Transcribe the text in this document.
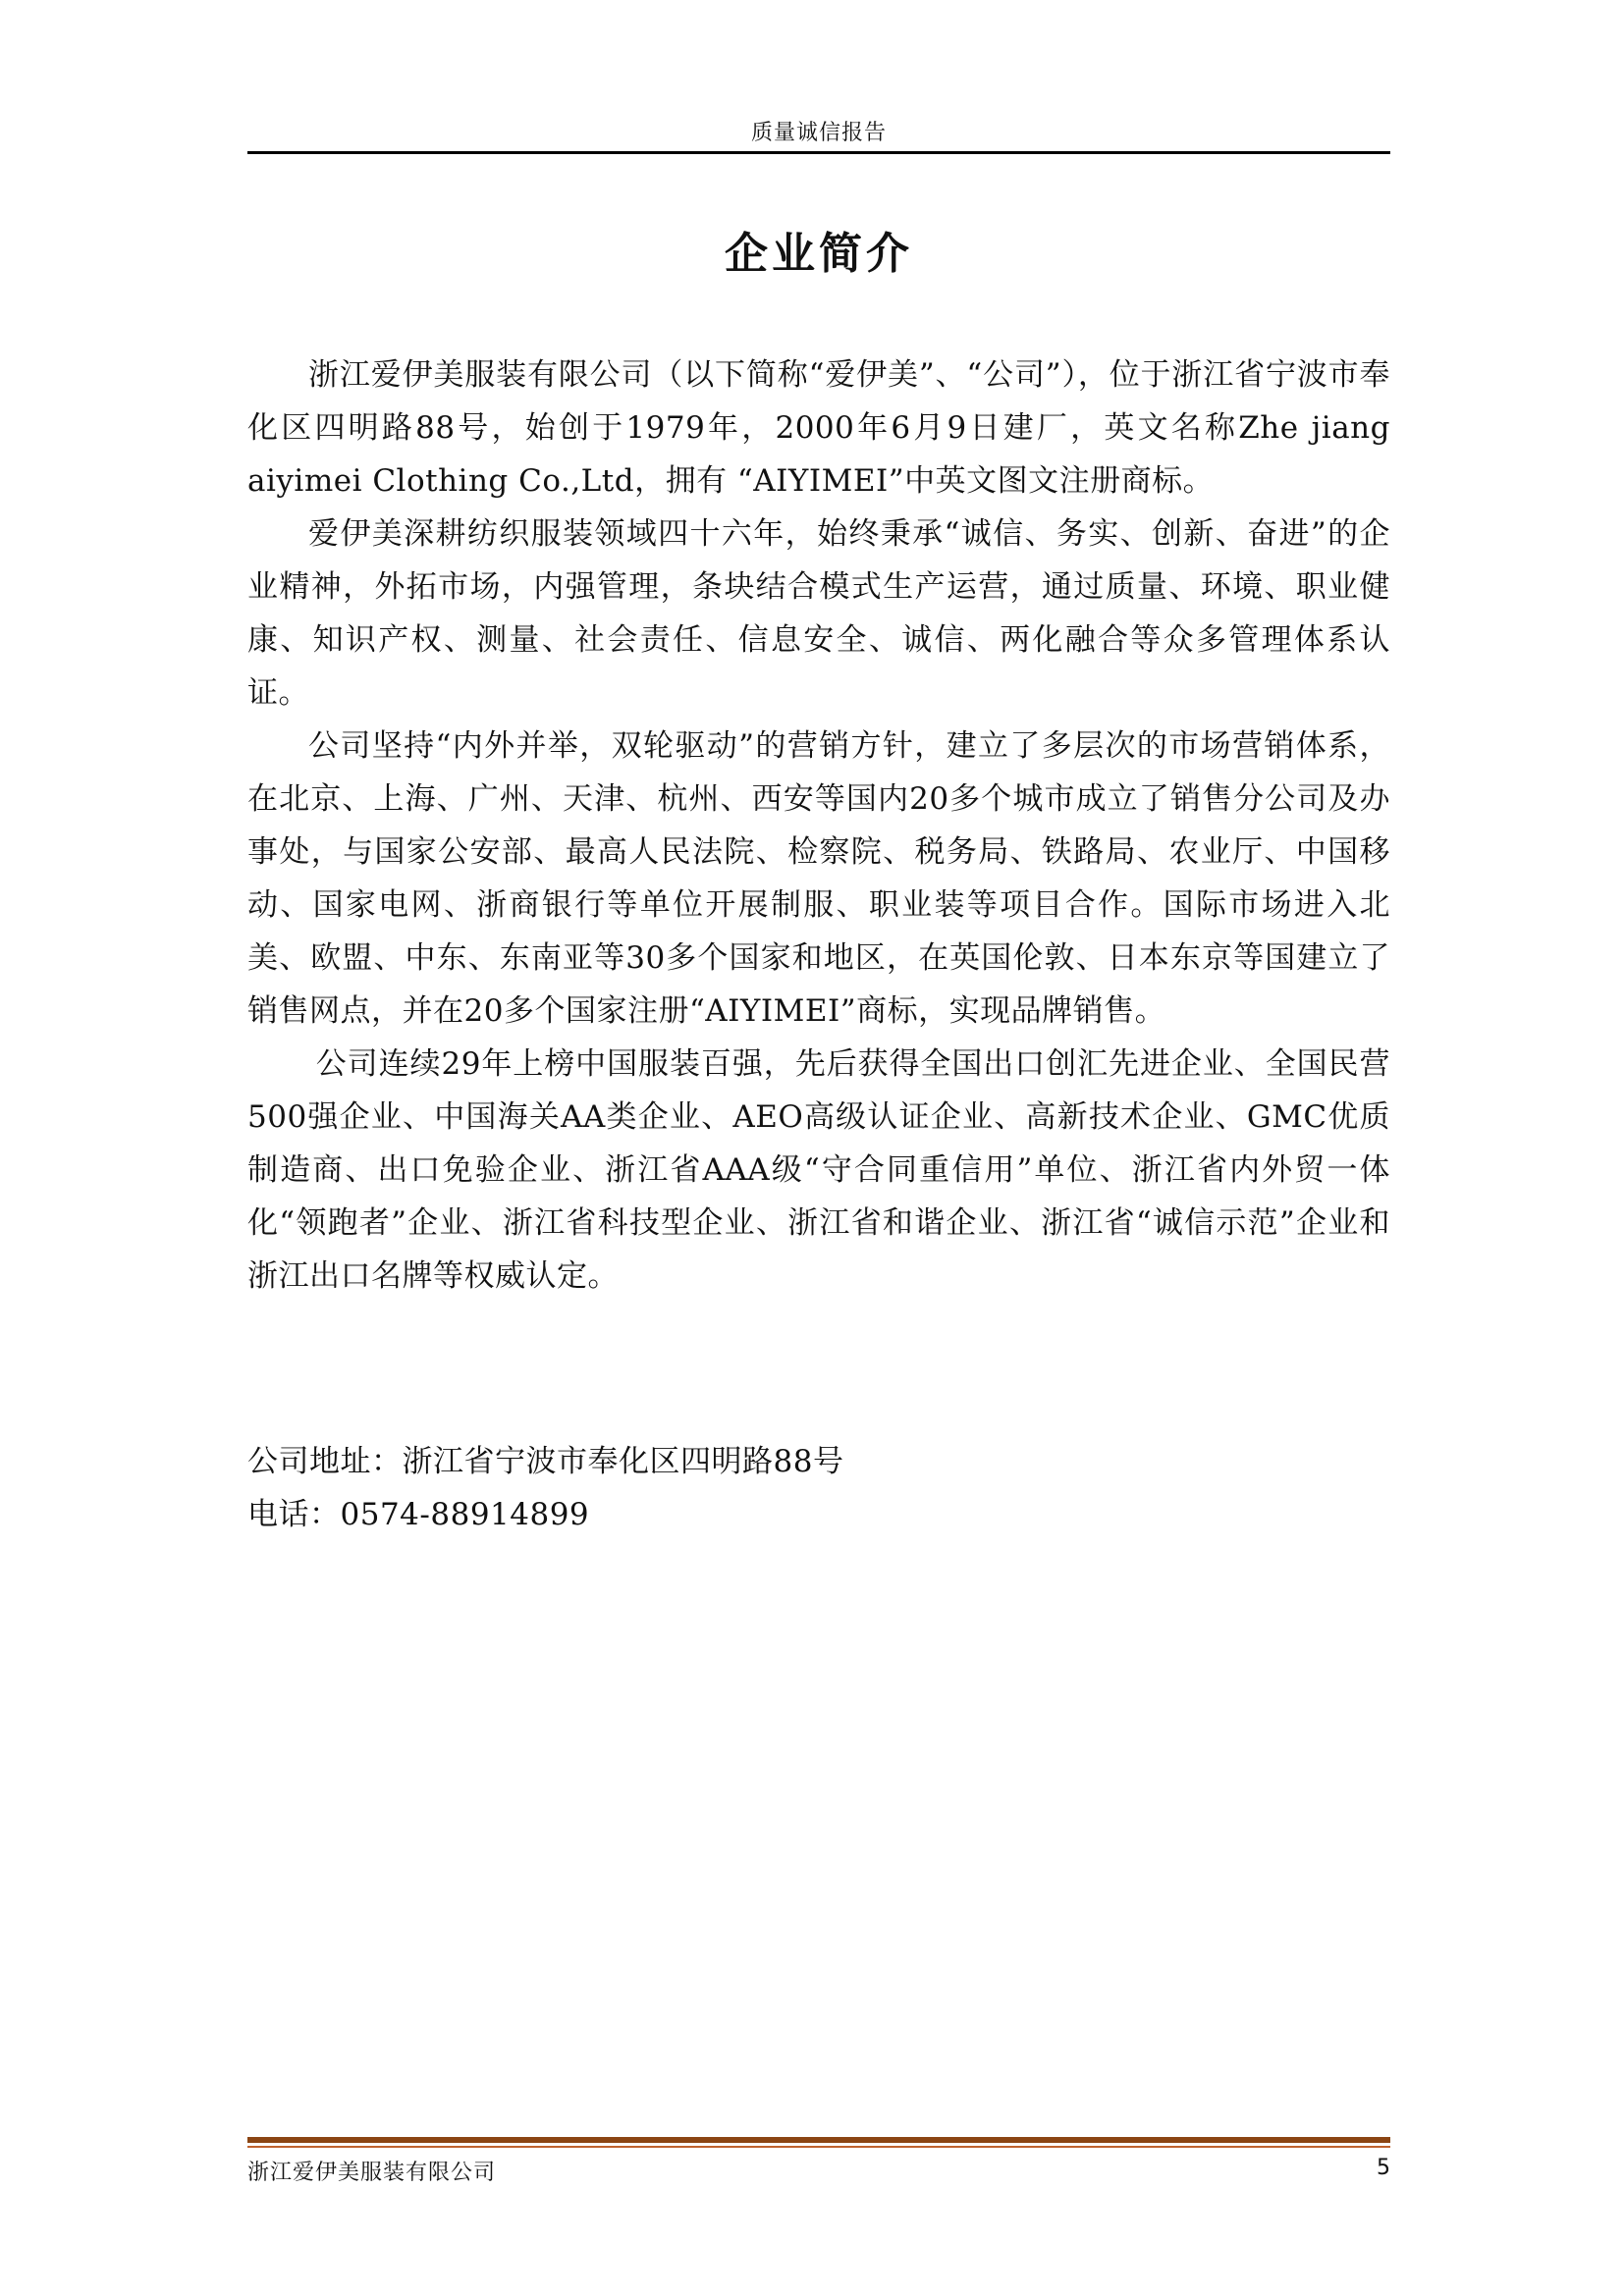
质量诚信报告
企业简介

浙江爱伊美服装有限公司（以下简称“爱伊美”、“公司”），位于浙江省宁波市奉化区四明路88号，始创于1979年，2000年6月9日建厂，英文名称Zhe jiang aiyimei Clothing Co.,Ltd，拥有 “AIYIMEI”中英文图文注册商标。

爱伊美深耕纺织服装领域四十六年，始终秉承“诚信、务实、创新、奋进”的企业精神，外拓市场，内强管理，条块结合模式生产运营，通过质量、环境、职业健康、知识产权、测量、社会责任、信息安全、诚信、两化融合等众多管理体系认证。

公司坚持“内外并举，双轮驱动”的营销方针，建立了多层次的市场营销体系，在北京、上海、广州、天津、杭州、西安等国内20多个城市成立了销售分公司及办事处，与国家公安部、最高人民法院、检察院、税务局、铁路局、农业厅、中国移动、国家电网、浙商银行等单位开展制服、职业装等项目合作。国际市场进入北美、欧盟、中东、东南亚等30多个国家和地区，在英国伦敦、日本东京等国建立了销售网点，并在20多个国家注册“AIYIMEI”商标，实现品牌销售。

公司连续29年上榜中国服装百强，先后获得全国出口创汇先进企业、全国民营500强企业、中国海关AA类企业、AEO高级认证企业、高新技术企业、GMC优质制造商、出口免验企业、浙江省AAA级“守合同重信用”单位、浙江省内外贸一体化“领跑者”企业、浙江省科技型企业、浙江省和谐企业、浙江省“诚信示范”企业和浙江出口名牌等权威认定。

公司地址：浙江省宁波市奉化区四明路88号

电话：0574-88914899

浙江爱伊美服装有限公司	5
